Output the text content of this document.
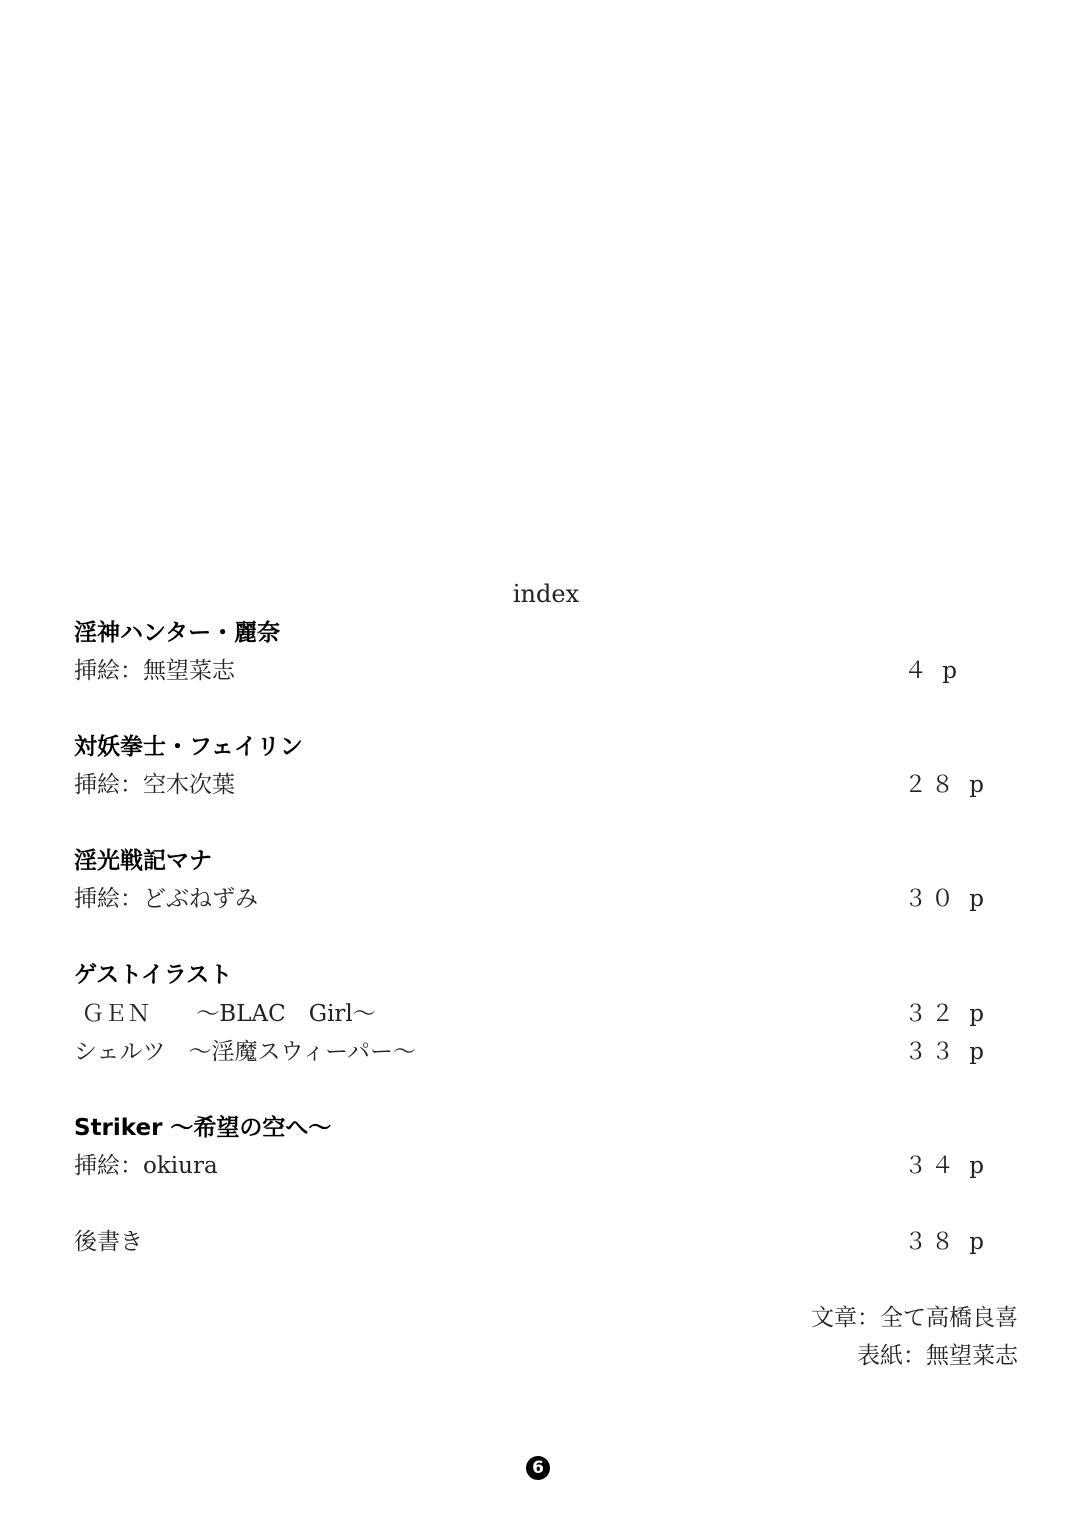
index
淫神ハンター・麗奈
挿絵：無望菜志	４ p
対妖拳士・フェイリン
挿絵：空木次葉	２８ p
淫光戦記マナ
挿絵：どぶねずみ	３０ p
ゲストイラスト
ＧＥＮ　　～BLAC　Girl～	３２ p
シェルツ　～淫魔スウィーパー～	３３ p
Striker ～希望の空へ～
挿絵：okiura	３４ p
後書き	３８ p
文章：全て高橋良喜
表紙：無望菜志
6
